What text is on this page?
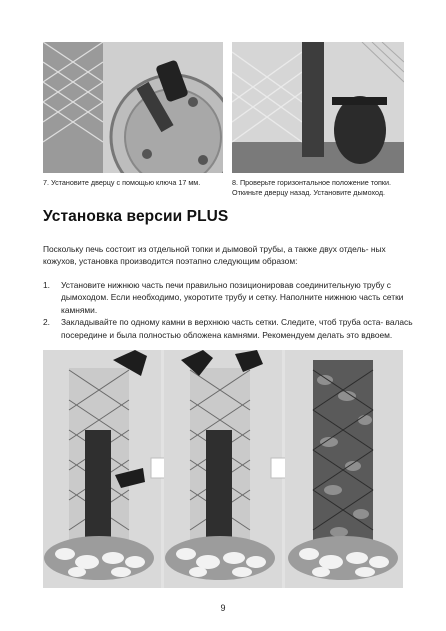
7. Установите дверцу с помощью ключа 17 мм.	8. Проверьте горизонтальное положение топки. Откиньте дверцу назад. Установите дымоход.
Установка версии PLUS

Поскольку печь состоит из отдельной топки и дымовой трубы, а также двух отдель- ных кожухов, установка производится поэтапно следующим образом:

1. Установите нижнюю часть печи правильно позиционировав соединительную трубу с дымоходом. Если необходимо, укоротите трубу и сетку. Наполните нижнюю часть сетки камнями.
2. Закладывайте по одному камни в верхнюю часть сетки. Следите, чтоб труба оста- валась посередине и была полностью обложена камнями. Рекомендуем делать это вдвоем.
9
